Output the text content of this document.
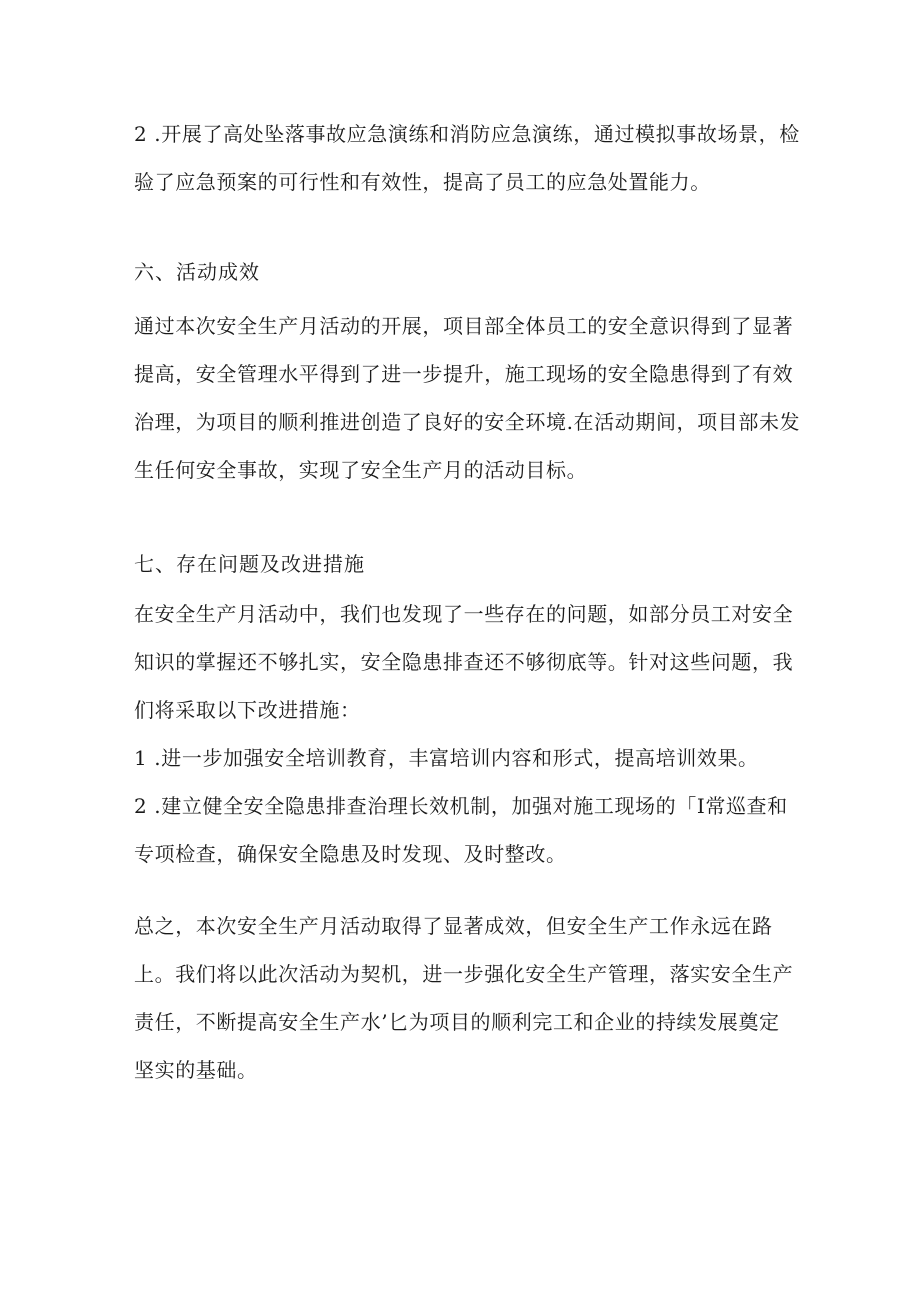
2 .开展了高处坠落事故应急演练和消防应急演练，通过模拟事故场景，检
验了应急预案的可行性和有效性，提高了员工的应急处置能力。
六、活动成效
通过本次安全生产月活动的开展，项目部全体员工的安全意识得到了显著
提高，安全管理水平得到了进一步提升，施工现场的安全隐患得到了有效
治理，为项目的顺利推进创造了良好的安全环境.在活动期间，项目部未发
生任何安全事故，实现了安全生产月的活动目标。
七、存在问题及改进措施
在安全生产月活动中，我们也发现了一些存在的问题，如部分员工对安全
知识的掌握还不够扎实，安全隐患排查还不够彻底等。针对这些问题，我
们将采取以下改进措施：
1 .进一步加强安全培训教育，丰富培训内容和形式，提高培训效果。
2 .建立健全安全隐患排查治理长效机制，加强对施工现场的「I常巡查和
专项检查，确保安全隐患及时发现、及时整改。
总之，本次安全生产月活动取得了显著成效，但安全生产工作永远在路
上。我们将以此次活动为契机，进一步强化安全生产管理，落实安全生产
责任，不断提高安全生产水’匕为项目的顺利完工和企业的持续发展奠定
坚实的基础。
